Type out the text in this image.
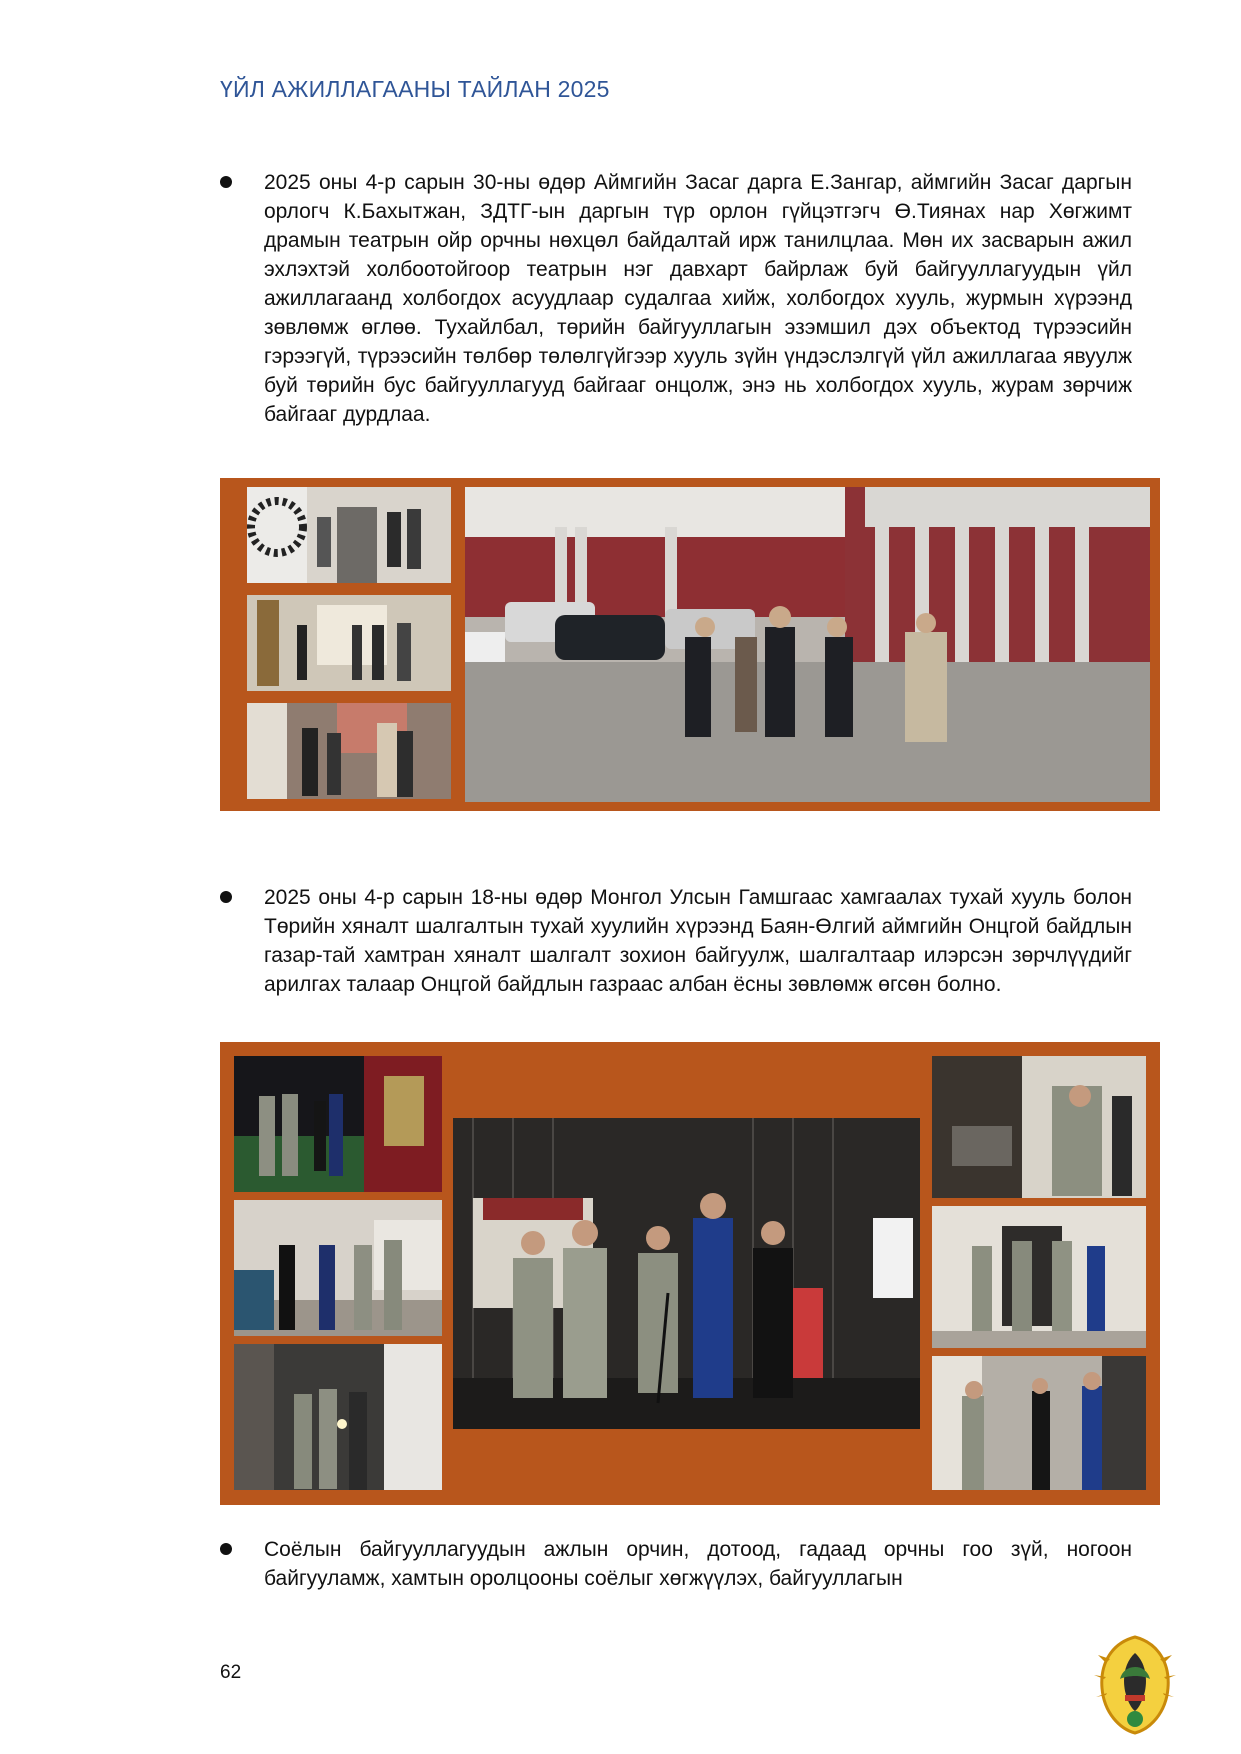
ҮЙЛ АЖИЛЛАГААНЫ ТАЙЛАН 2025

2025 оны 4-р сарын 30-ны өдөр Аймгийн Засаг дарга Е.Зангар, аймгийн Засаг даргын орлогч К.Бахытжан, ЗДТГ-ын даргын түр орлон гүйцэтгэгч Ө.Тиянах нар Хөгжимт драмын театрын ойр орчны нөхцөл байдалтай ирж танилцлаа. Мөн их засварын ажил эхлэхтэй холбоотойгоор театрын нэг давхарт байрлаж буй байгууллагуудын үйл ажиллагаанд холбогдох асуудлаар судалгаа хийж, холбогдох хууль, журмын хүрээнд зөвлөмж өглөө. Тухайлбал, төрийн байгууллагын эзэмшил дэх объектод түрээсийн гэрээгүй, түрээсийн төлбөр төлөлгүйгээр хууль зүйн үндэслэлгүй үйл ажиллагаа явуулж буй төрийн бус байгууллагууд байгааг онцолж, энэ нь холбогдох хууль, журам зөрчиж байгааг дурдлаа.

2025 оны 4-р сарын 18-ны өдөр Монгол Улсын Гамшгаас хамгаалах тухай хууль болон Төрийн хяналт шалгалтын тухай хуулийн хүрээнд Баян-Өлгий аймгийн Онцгой байдлын газар-тай хамтран хяналт шалгалт зохион байгуулж, шалгалтаар илэрсэн зөрчлүүдийг арилгах талаар Онцгой байдлын газраас албан ёсны зөвлөмж өгсөн болно.

Соёлын байгууллагуудын ажлын орчин, дотоод, гадаад орчны гоо зүй, ногоон байгууламж, хамтын оролцооны соёлыг хөгжүүлэх, байгууллагын

62
